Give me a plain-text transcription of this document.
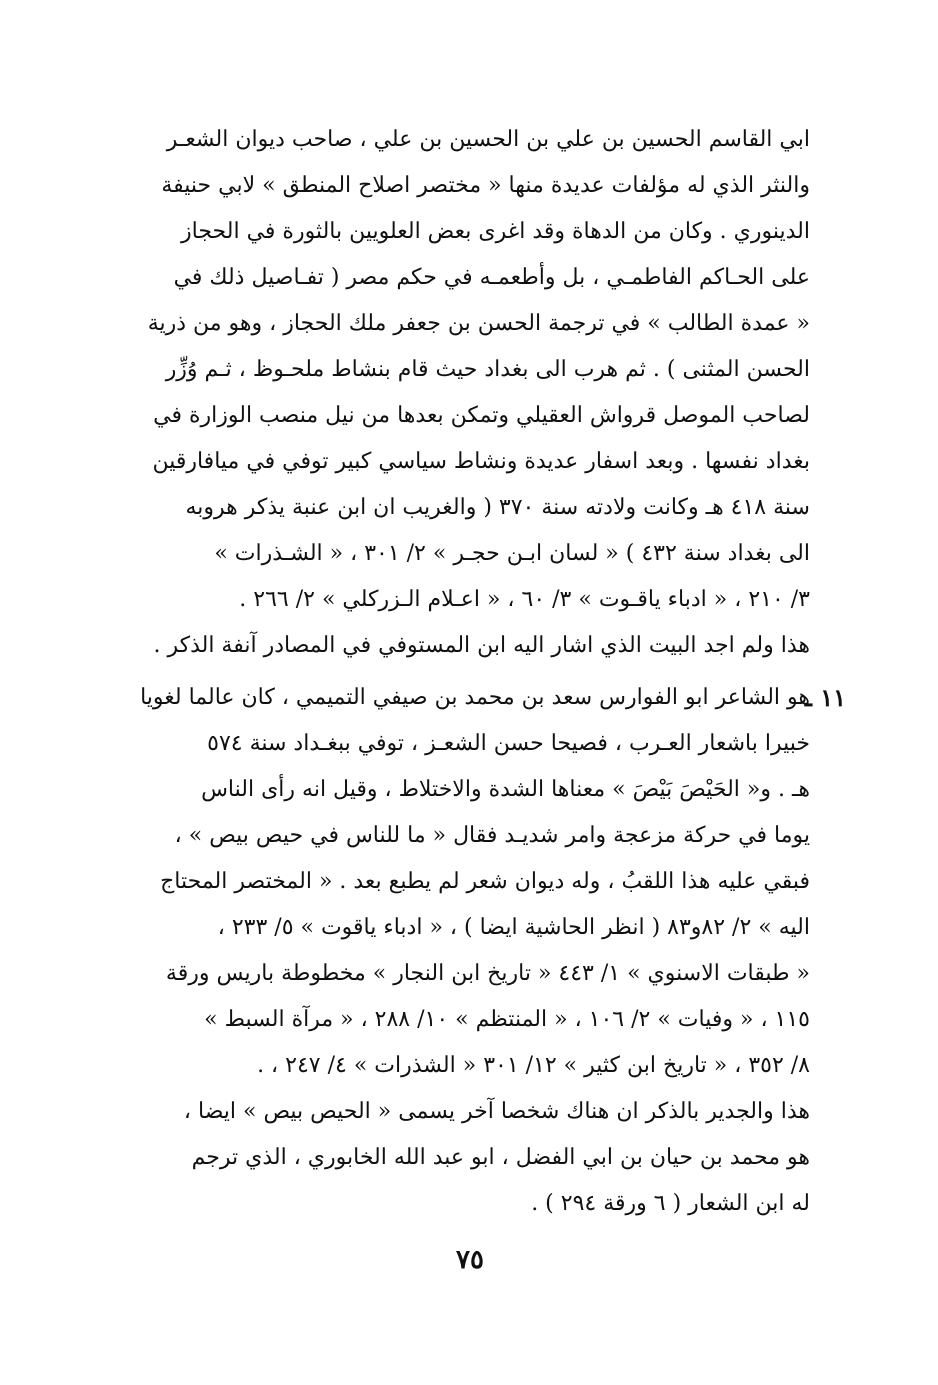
ابي القاسم الحسين بن علي بن الحسين بن علي ، صاحب ديوان الشعـر
والنثر الذي له مؤلفات عديدة منها « مختصر اصلاح المنطق » لابي حنيفة
الدينوري . وكان من الدهاة وقد اغرى بعض العلويين بالثورة في الحجاز
على الحـاكم الفاطمـي ، بل وأطعمـه في حكم مصر ( تفـاصيل ذلك في
« عمدة الطالب » في ترجمة الحسن بن جعفر ملك الحجاز ، وهو من ذرية
الحسن المثنى ) . ثم هرب الى بغداد حيث قام بنشاط ملحـوظ ، ثـم وُزِّر
لصاحب الموصل قرواش العقيلي وتمكن بعدها من نيل منصب الوزارة في
بغداد نفسها . وبعد اسفار عديدة ونشاط سياسي كبير توفي في ميافارقين
سنة ٤١٨ هـ وكانت ولادته سنة ٣٧٠ ( والغريب ان ابن عنبة يذكر هروبه
الى بغداد سنة ٤٣٢ ) « لسان ابـن حجـر » ٢/ ٣٠١ ، « الشـذرات »
٣/ ٢١٠ ، « ادباء ياقـوت » ٣/ ٦٠ ، « اعـلام الـزركلي » ٢/ ٢٦٦ .
هذا ولم اجد البيت الذي اشار اليه ابن المستوفي في المصادر آنفة الذكر .
١١ ـ
هو الشاعر ابو الفوارس سعد بن محمد بن صيفي التميمي ، كان عالما لغويا
خبيرا باشعار العـرب ، فصيحا حسن الشعـز ، توفي ببغـداد سنة ٥٧٤
هـ . و« الحَيْصَ بَيْصَ » معناها الشدة والاختلاط ، وقيل انه رأى الناس
يوما في حركة مزعجة وامر شديـد فقال « ما للناس في حيص بيص » ،
فبقي عليه هذا اللقبُ ، وله ديوان شعر لم يطبع بعد . « المختصر المحتاج
اليه » ٢/ ٨٢و٨٣ ( انظر الحاشية ايضا ) ، « ادباء ياقوت » ٥/ ٢٣٣ ،
« طبقات الاسنوي » ١/ ٤٤٣ « تاريخ ابن النجار » مخطوطة باريس ورقة
١١٥ ، « وفيات » ٢/ ١٠٦ ، « المنتظم » ١٠/ ٢٨٨ ، « مرآة السبط »
٨/ ٣٥٢ ، « تاريخ ابن كثير » ١٢/ ٣٠١ « الشذرات » ٤/ ٢٤٧ ، .
هذا والجدير بالذكر ان هناك شخصا آخر يسمى « الحيص بيص » ايضا ،
هو محمد بن حيان بن ابي الفضل ، ابو عبد الله الخابوري ، الذي ترجم
له ابن الشعار ( ٦ ورقة ٢٩٤ ) .
٧٥
